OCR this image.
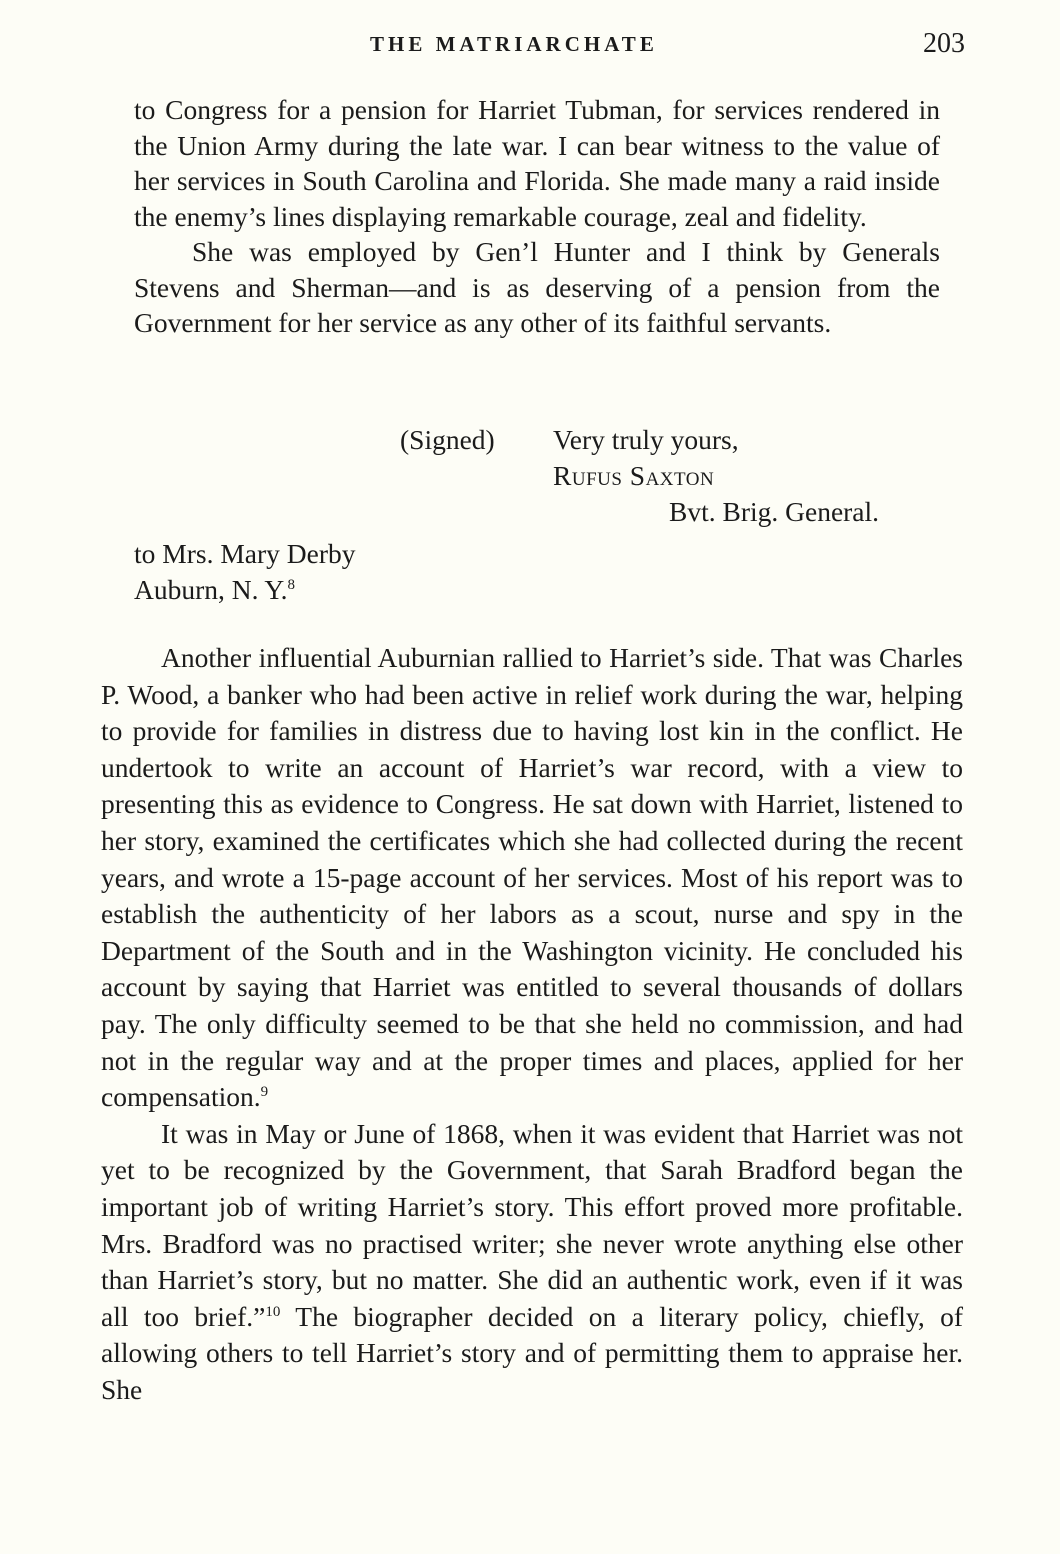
THE MATRIARCHATE	203

to Congress for a pension for Harriet Tubman, for services rendered in the Union Army during the late war. I can bear witness to the value of her services in South Carolina and Florida. She made many a raid inside the enemy’s lines displaying remarkable courage, zeal and fidelity.

She was employed by Gen’l Hunter and I think by Generals Stevens and Sherman—and is as deserving of a pension from the Government for her service as any other of its faithful servants.

(Signed) Very truly yours,
Rufus Saxton
Bvt. Brig. General.
to Mrs. Mary Derby
Auburn, N. Y.$^8$

Another influential Auburnian rallied to Harriet’s side. That was Charles P. Wood, a banker who had been active in relief work during the war, helping to provide for families in distress due to having lost kin in the conflict. He undertook to write an account of Harriet’s war record, with a view to presenting this as evidence to Congress. He sat down with Harriet, listened to her story, examined the certificates which she had collected during the recent years, and wrote a 15-page account of her services. Most of his report was to establish the authenticity of her labors as a scout, nurse and spy in the Department of the South and in the Washington vicinity. He concluded his account by saying that Harriet was entitled to several thousands of dollars pay. The only difficulty seemed to be that she held no commission, and had not in the regular way and at the proper times and places, applied for her compensation.$^9$

It was in May or June of 1868, when it was evident that Harriet was not yet to be recognized by the Government, that Sarah Bradford began the important job of writing Harriet’s story. This effort proved more profitable. Mrs. Bradford was no practised writer; she never wrote anything else other than Harriet’s story, but no matter. She did an authentic work, even if it was all too brief.”$^{10}$ The biographer decided on a literary policy, chiefly, of allowing others to tell Harriet’s story and of permitting them to appraise her. She
